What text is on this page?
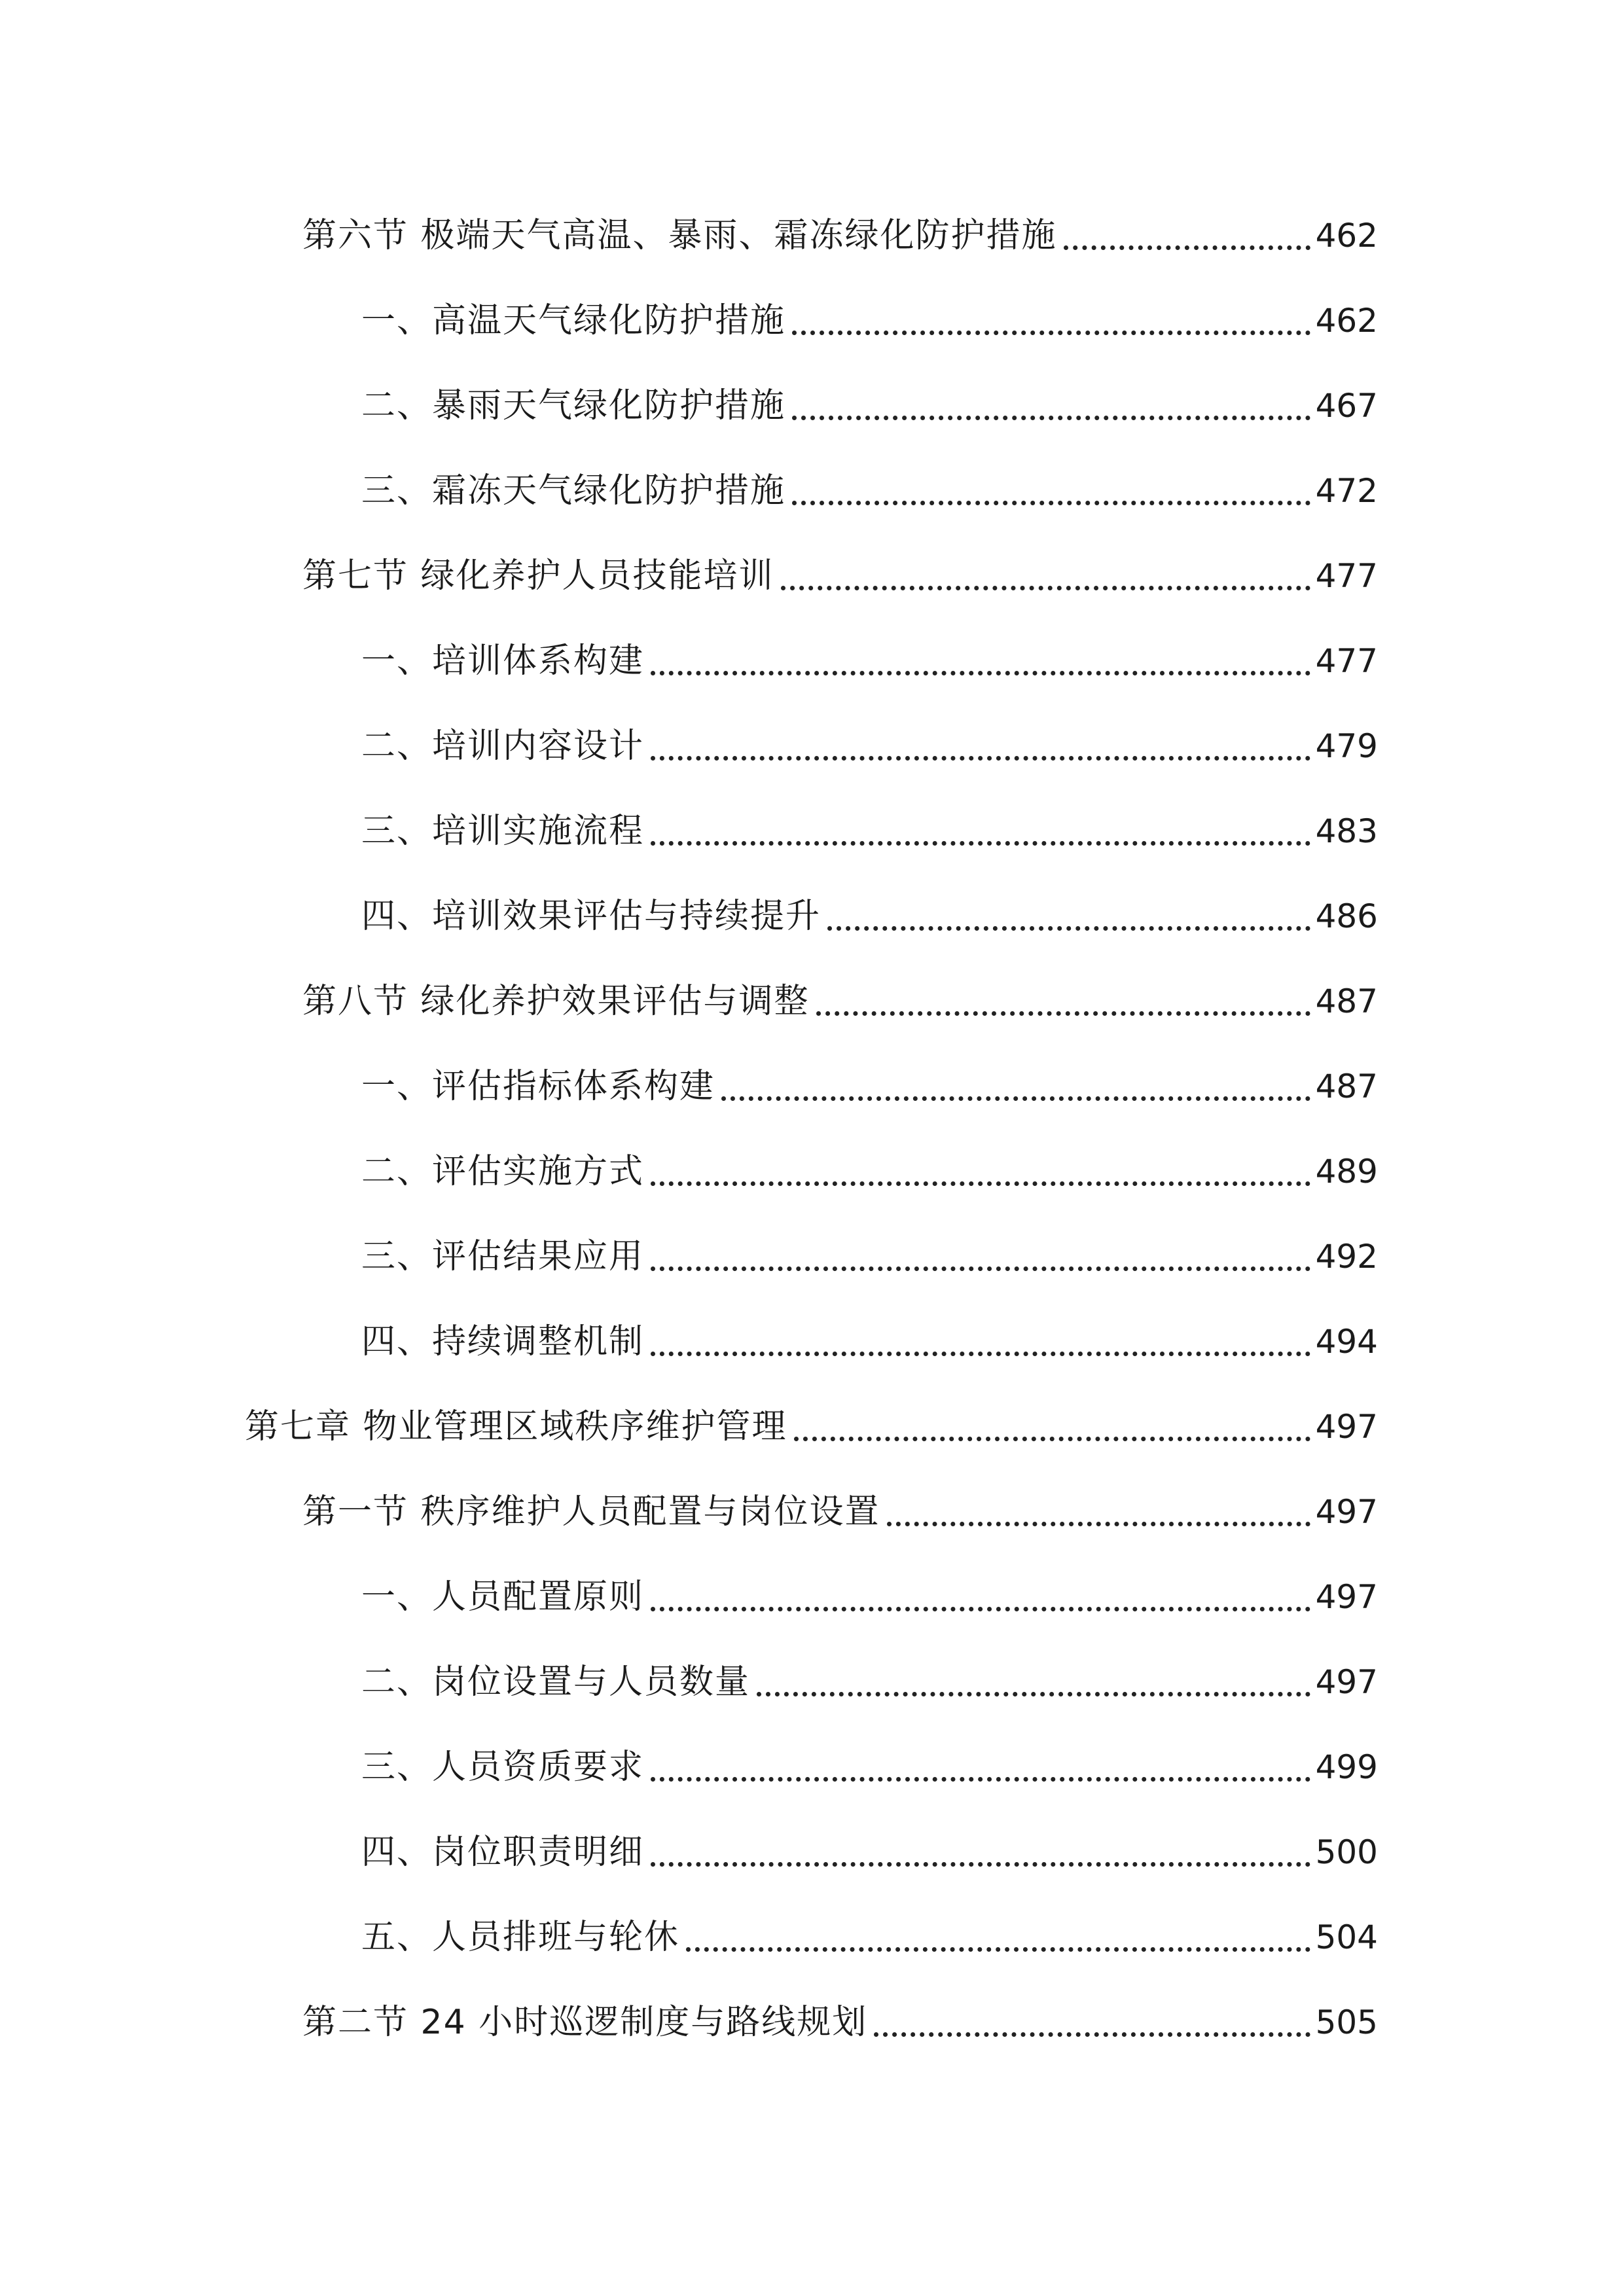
第六节 极端天气高温、暴雨、霜冻绿化防护措施	462
一、高温天气绿化防护措施	462
二、暴雨天气绿化防护措施	467
三、霜冻天气绿化防护措施	472
第七节 绿化养护人员技能培训	477
一、培训体系构建	477
二、培训内容设计	479
三、培训实施流程	483
四、培训效果评估与持续提升	486
第八节 绿化养护效果评估与调整	487
一、评估指标体系构建	487
二、评估实施方式	489
三、评估结果应用	492
四、持续调整机制	494
第七章 物业管理区域秩序维护管理	497
第一节 秩序维护人员配置与岗位设置	497
一、人员配置原则	497
二、岗位设置与人员数量	497
三、人员资质要求	499
四、岗位职责明细	500
五、人员排班与轮休	504
第二节 24 小时巡逻制度与路线规划	505
